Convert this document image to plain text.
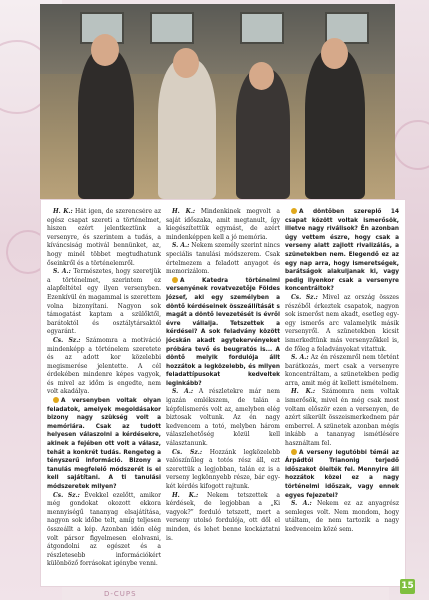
H. K.: Hát igen, de szerencsére az egész csapat szereti a történelmet, hiszen ezért jelentkeztünk a versenyre, és szerintem a tudás, a kíváncsiság motivál bennünket, az, hogy minél többet megtudhatunk őseinkről és a történelemről.

S. A.: Természetes, hogy szeretjük a történelmet, szerintem ez alapfeltétel egy ilyen versenyben. Ezenkívül én magammal is szerettem volna bizonyítani. Nagyon sok támogatást kaptam a szülőktől, barátoktól és osztálytársaktól egyaránt.

Cs. Sz.: Számomra a motiváció mindenképp a történelem szeretete és az adott kor közelebbi megismerése jelentette. A cél érdekében mindenre képes vagyok, és mivel az időm is engedte, nem volt akadálya.

A versenyben voltak olyan feladatok, amelyek megoldásakor bizony nagy szükség volt a memóriára. Csak az tudott helyesen válaszolni a kérdésekre, akinek a fejében ott volt a válasz, tehát a konkrét tudás. Rengeteg a tényszerű információ. Bizony a tanulás megfelelő módszerét is el kell sajátítani. A ti tanulási módszeretek milyen?

Cs. Sz.: Évekkel ezelőtt, amikor még gondokat okozott ekkora mennyiségű tananyag elsajátítása, nagyon sok időbe telt, amíg teljesen összeállt a kép. Azonban idén elég volt pársor figyelmesen elolvasni, átgondolni az egészet és a részletesebb információkért különböző forrásokat igénybe venni.

H. K.: Mindenkinek megvolt a saját időszaka, amit megtanult, így kiegészítettük egymást, de azért mindenképpen kell a jó memória.

S. A.: Nekem személy szerint nincs speciális tanulási módszerem. Csak értelmezem a feladott anyagot és memorizálom.

A Katedra történelmi versenyének rovatvezetője Földes József, aki egy személyben a döntő kérdéseinek összeállítását s magát a döntő levezetését is évről évre vállalja. Tetszettek a kérdései? A sok feladvány között jócskán akadt agytekervényeket próbára tevő és beugratós is... A döntő melyik fordulója állt hozzátok a legközelebb, és milyen feladattípusokat kedveltek leginkább?

S. A.: A részletekre már nem igazán emlékszem, de talán a képfelismerés volt az, amelyben elég biztosak voltunk. Az én nagy kedvencem a totó, melyben három válaszlehetőség közül kell választanunk.

Cs. Sz.: Hozzánk legközelebb valószínűleg a totós rész áll, ezt szerettük a legjobban, talán ez is a verseny legkönnyebb része, bár egy-két kérdés kifogott rajtunk.

H. K.: Nekem tetszettek a kérdések, de legjobban a „Ki vagyok?” forduló tetszett, mert a verseny utolsó fordulója, ott dől el minden, és lehet benne kockáztatni is.

A döntőben szereplő 14 csapat között voltak ismerősök, illetve nagy riválisok? Én azonban úgy vettem észre, hogy csak a verseny alatt zajlott rivalizálás, a szünetekben nem. Elegendő ez az egy nap arra, hogy ismeretségek, barátságok alakuljanak ki, vagy pedig ilyenkor csak a versenyre koncentráltok?

Cs. Sz.: Mivel az ország összes részéből érkeztek csapatok, nagyon sok ismerőst nem akadt, esetleg egy-egy ismerős arc valamelyik másik versenyről. A szünetekben kicsit ismerkedtünk más versenyzőkkel is, de főleg a feladványokat vitattuk.

S. A.: Az én részemről nem történt barátkozás, mert csak a versenyre koncentráltam, a szünetekben pedig arra, amit még át kellett ismételnem.

H. K.: Számomra nem voltak ismerősök, mivel én még csak most voltam először ezen a versenyen, de azért sikerült összeismerkednem pár emberrel. A szünetek azonban mégis inkább a tananyag ismétlésére használtam fel.

A verseny legutóbbi témái az Árpádtól Trianonig terjedő időszakot ölelték fel. Mennyire áll hozzátok közel ez a nagy történelmi időszak, vagy ennek egyes fejezetei?

S. A.: Nekem ez az anyagrész semleges volt. Nem mondom, hogy utáltam, de nem tartozik a nagy kedvenceim közé sem.

D-CUPS
15
